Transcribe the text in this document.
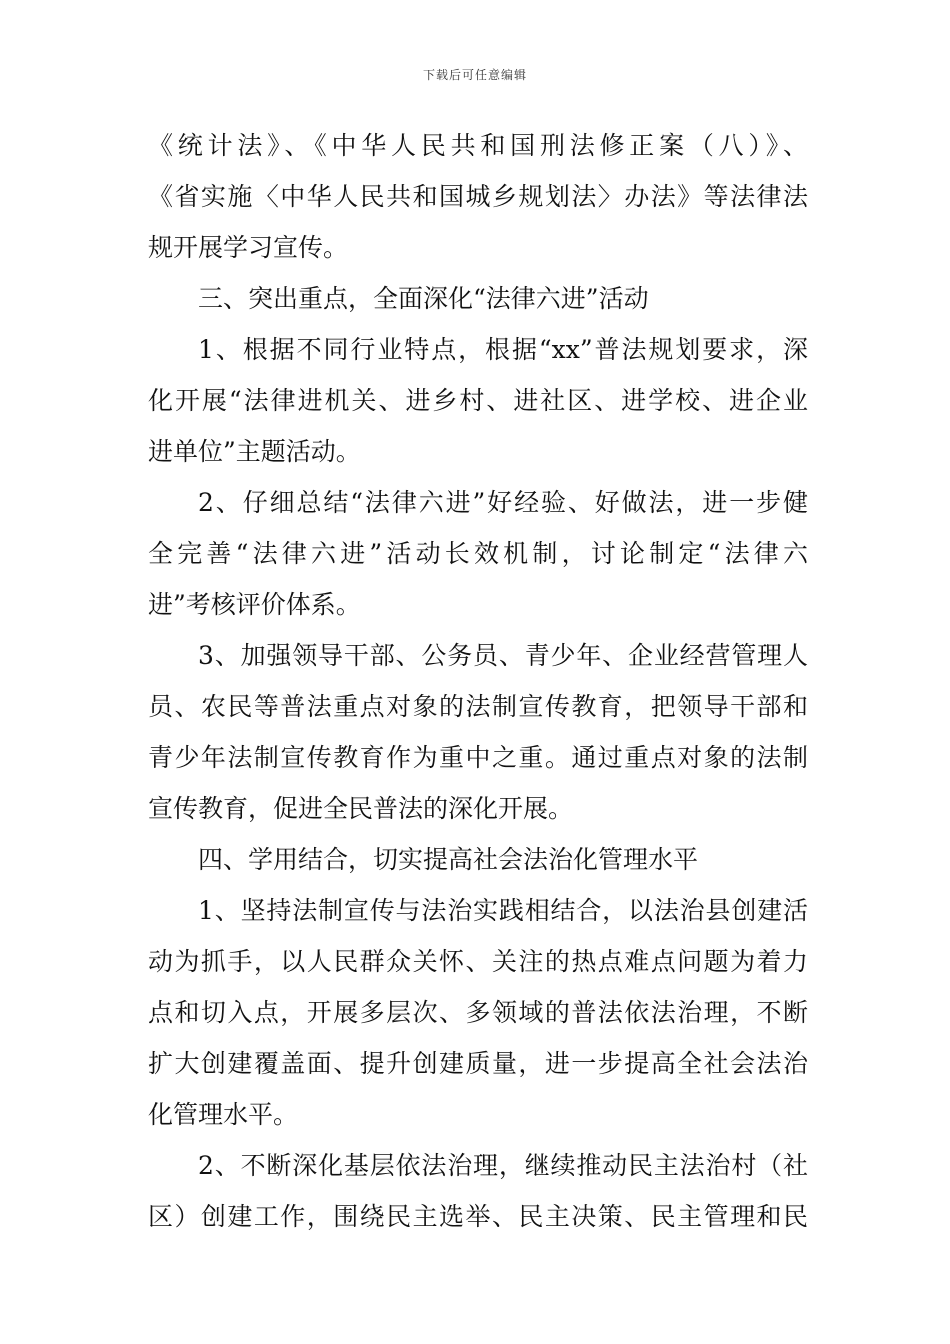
下载后可任意编辑
《统计法》、《中华人民共和国刑法修正案（八）》、
《省实施〈中华人民共和国城乡规划法〉办法》等法律法
规开展学习宣传。
三、突出重点，全面深化“法律六进”活动
1、根据不同行业特点，根据“xx”普法规划要求，深
化开展“法律进机关、进乡村、进社区、进学校、进企业
进单位”主题活动。
2、仔细总结“法律六进”好经验、好做法，进一步健
全完善“法律六进”活动长效机制，讨论制定“法律六
进”考核评价体系。
3、加强领导干部、公务员、青少年、企业经营管理人
员、农民等普法重点对象的法制宣传教育，把领导干部和
青少年法制宣传教育作为重中之重。通过重点对象的法制
宣传教育，促进全民普法的深化开展。
四、学用结合，切实提高社会法治化管理水平
1、坚持法制宣传与法治实践相结合，以法治县创建活
动为抓手，以人民群众关怀、关注的热点难点问题为着力
点和切入点，开展多层次、多领域的普法依法治理，不断
扩大创建覆盖面、提升创建质量，进一步提高全社会法治
化管理水平。
2、不断深化基层依法治理，继续推动民主法治村（社
区）创建工作，围绕民主选举、民主决策、民主管理和民
